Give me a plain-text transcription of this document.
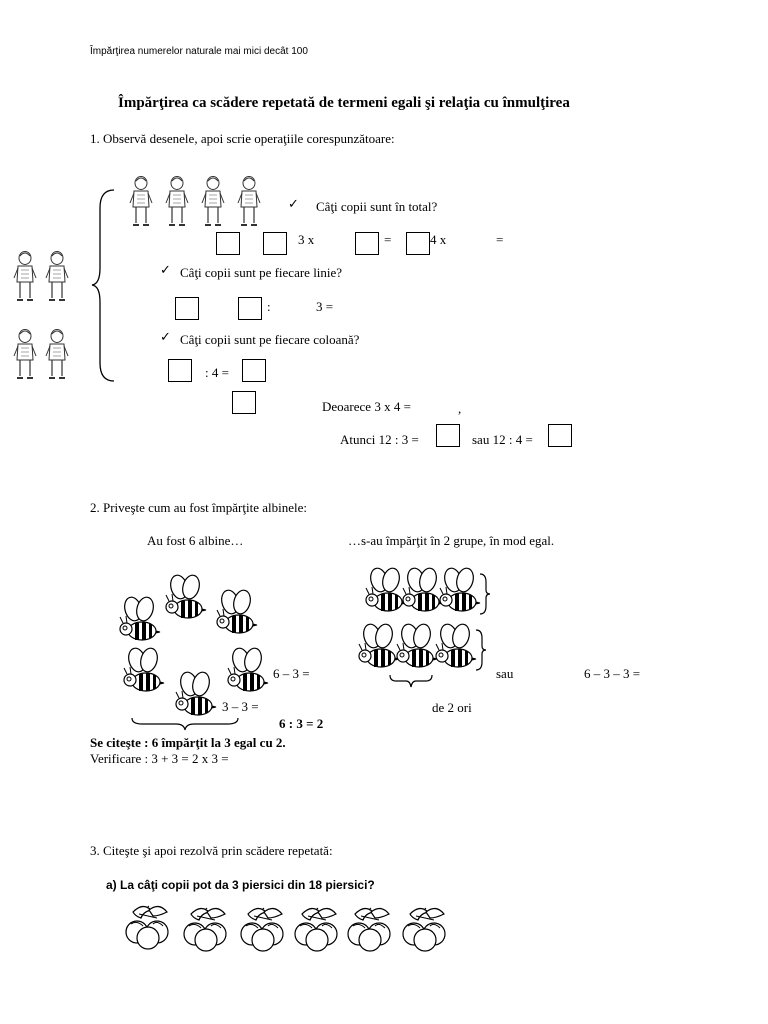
Împărţirea numerelor naturale mai mici decât 100
Împărţirea ca scădere repetată de termeni egali şi relaţia cu înmulţirea
1. Observă desenele, apoi scrie operaţiile corespunzătoare:
✓ Câţi copii sunt în total?
3 x	=	4 x	=
✓ Câţi copii sunt pe fiecare linie?
:	3 =
✓ Câţi copii sunt pe fiecare coloană?
: 4 =
Deoarece 3 x 4 =	,
Atunci 12 : 3 =	sau 12 : 4 =
2. Priveşte cum au fost împărţite albinele:
Au fost 6 albine…	…s-au împărţit în 2 grupe, în mod egal.
6 – 3 =
3 – 3 =
6 : 3 = 2
sau	6 – 3 – 3 =
de 2 ori
Se citeşte : 6 împărţit la 3 egal cu 2.
Verificare : 3 + 3 = 2 x 3 =
3. Citeşte şi apoi rezolvă prin scădere repetată:
a) La câţi copii pot da 3 piersici din 18 piersici?
